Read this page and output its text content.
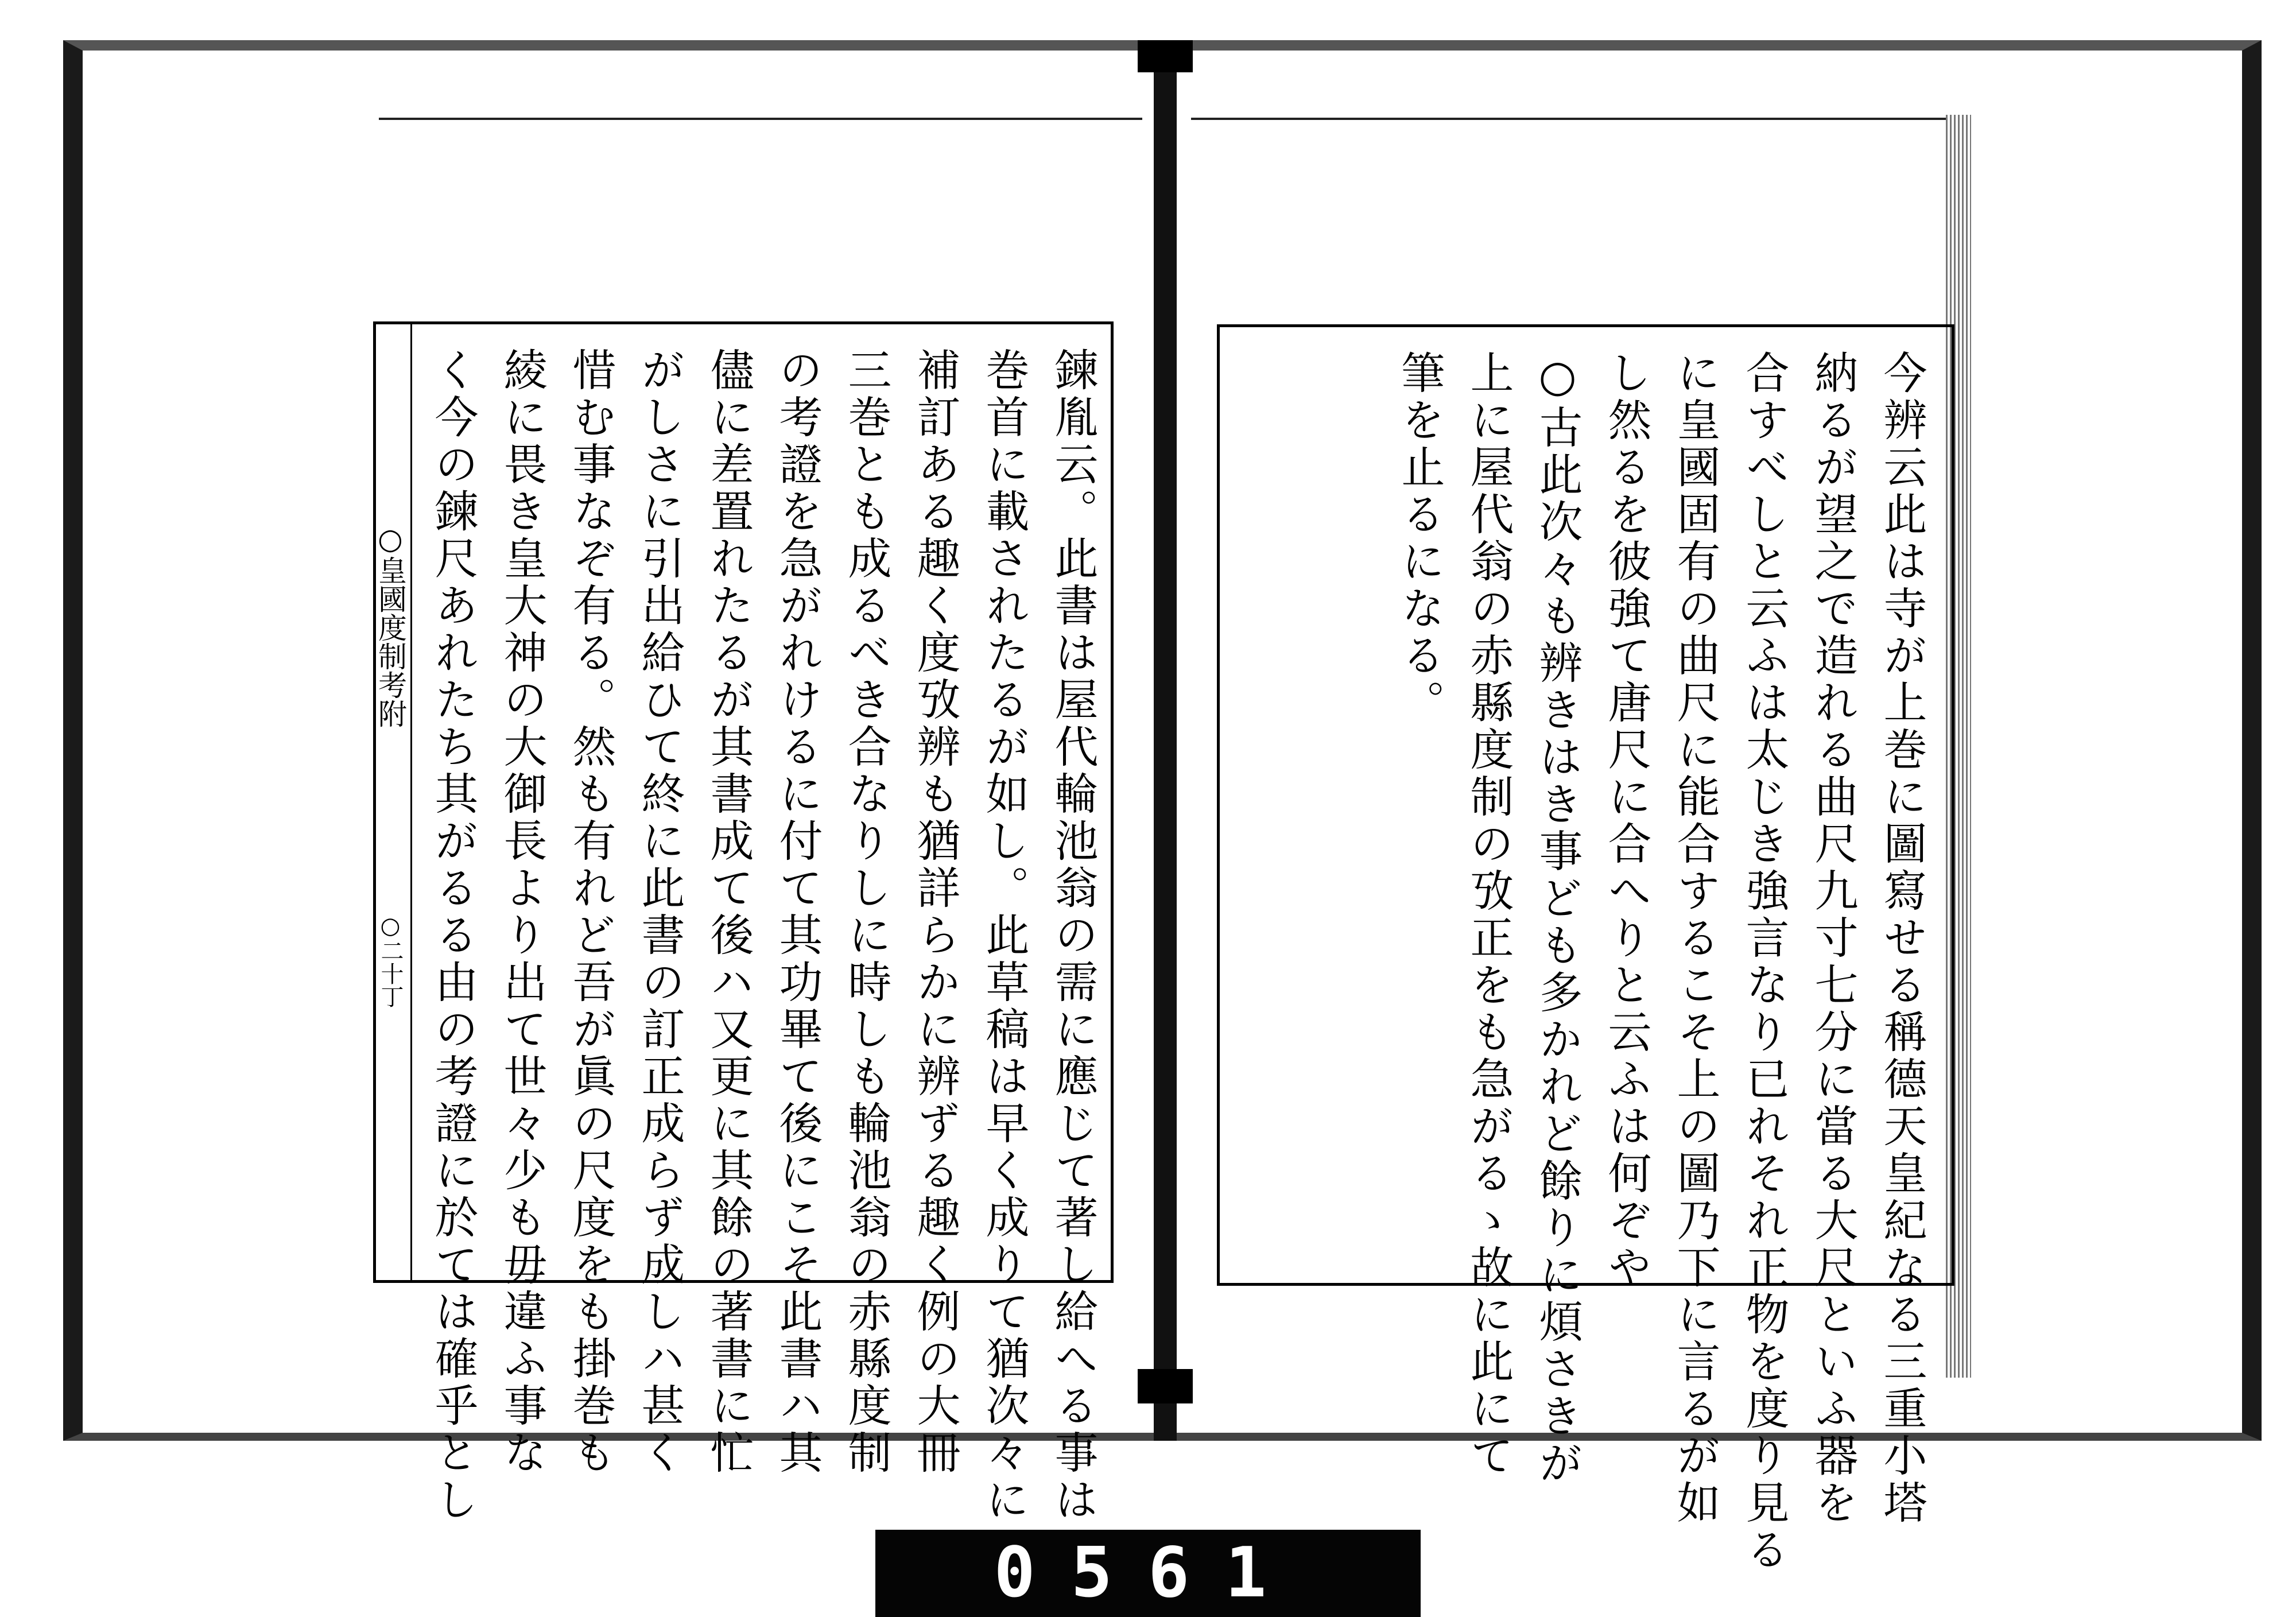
鍊胤云。此書は屋代輪池翁の需に應じて著し給へる事は
巻首に載されたるが如し。此草稿は早く成りて猶次々に
補訂ある趣く度攷辨も猶詳らかに辨ずる趣く例の大冊
三巻とも成るべき合なりしに時しも輪池翁の赤縣度制
の考證を急がれけるに付て其功畢て後にこそ此書ハ其
儘に差置れたるが其書成て後ハ又更に其餘の著書に忙
がしさに引出給ひて終に此書の訂正成らず成しハ甚く
惜む事なぞ有る。然も有れど吾が眞の尺度をも掛巻も
綾に畏き皇大神の大御長より出て世々少も毋違ふ事な
く今の鍊尺あれたち其がるる由の考證に於ては確乎とし
○皇國度制考附
○二十丁	今辨云此は寺が上巻に圖寫せる稱德天皇紀なる三重小塔
納るが望之で造れる曲尺九寸七分に當る大尺といふ器を
合すべしと云ふは太じき強言なり已れそれ正物を度り見る
に皇國固有の曲尺に能合するこそ上の圖乃下に言るが如
し然るを彼強て唐尺に合へりと云ふは何ぞや
○古此次々も辨きはき事ども多かれど餘りに煩さきが
上に屋代翁の赤縣度制の攷正をも急がるゝ故に此にて
筆を止るになる。
0561
